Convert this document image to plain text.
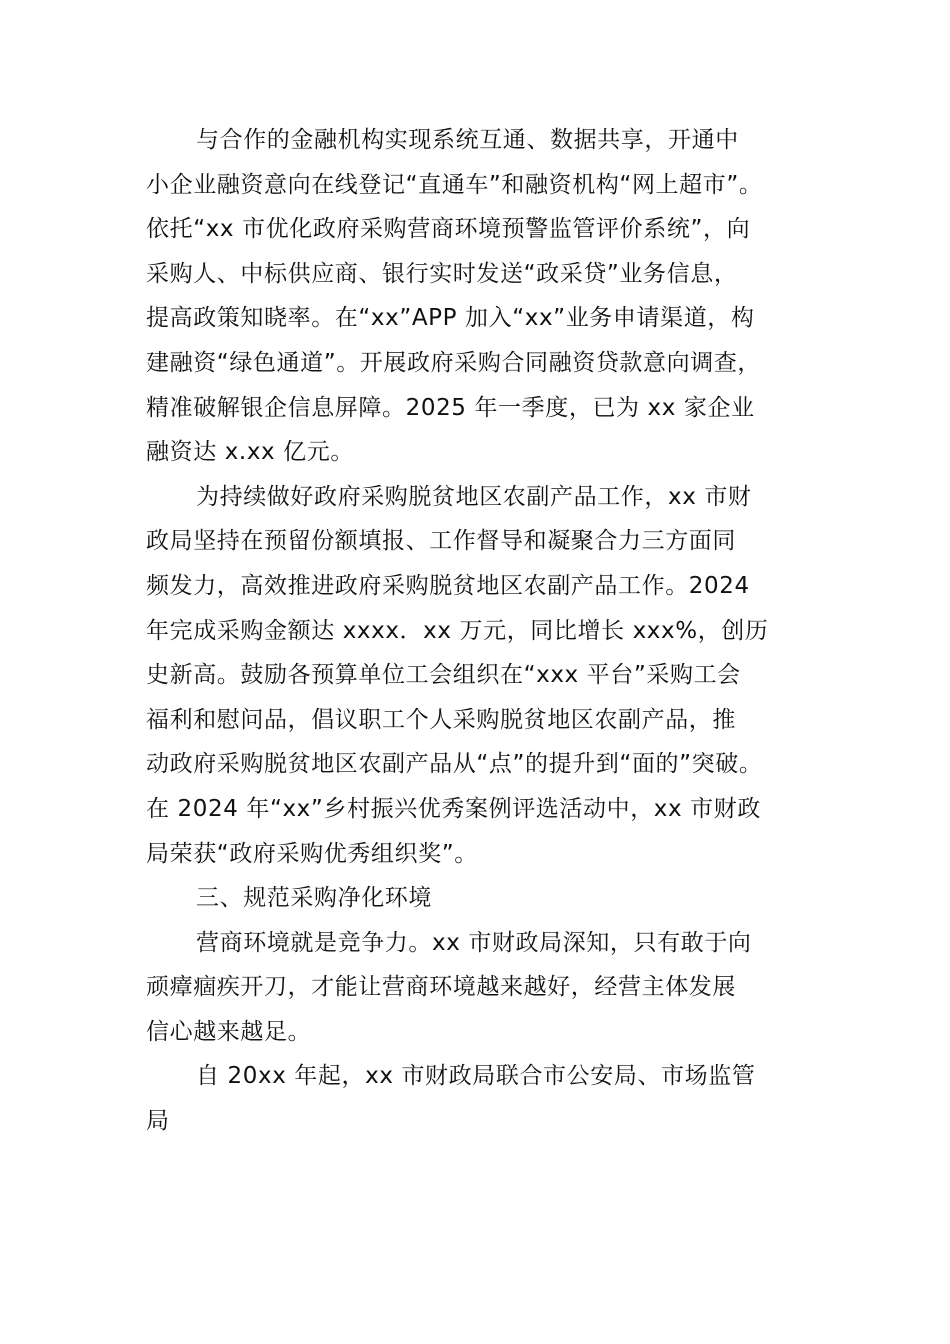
与合作的金融机构实现系统互通、数据共享，开通中
小企业融资意向在线登记“直通车”和融资机构“网上超市”。
依托“xx 市优化政府采购营商环境预警监管评价系统”，向
采购人、中标供应商、银行实时发送“政采贷”业务信息，
提高政策知晓率。在“xx”APP 加入“xx”业务申请渠道，构
建融资“绿色通道”。开展政府采购合同融资贷款意向调查，
精准破解银企信息屏障。2025 年一季度，已为 xx 家企业
融资达 x.xx 亿元。
为持续做好政府采购脱贫地区农副产品工作，xx 市财
政局坚持在预留份额填报、工作督导和凝聚合力三方面同
频发力，高效推进政府采购脱贫地区农副产品工作。2024
年完成采购金额达 xxxx．xx 万元，同比增长 xxx%，创历
史新高。鼓励各预算单位工会组织在“xxx 平台”采购工会
福利和慰问品，倡议职工个人采购脱贫地区农副产品，推
动政府采购脱贫地区农副产品从“点”的提升到“面的”突破。
在 2024 年“xx”乡村振兴优秀案例评选活动中，xx 市财政
局荣获“政府采购优秀组织奖”。
三、规范采购净化环境
营商环境就是竞争力。xx 市财政局深知，只有敢于向
顽瘴痼疾开刀，才能让营商环境越来越好，经营主体发展
信心越来越足。
自 20xx 年起，xx 市财政局联合市公安局、市场监管
局
